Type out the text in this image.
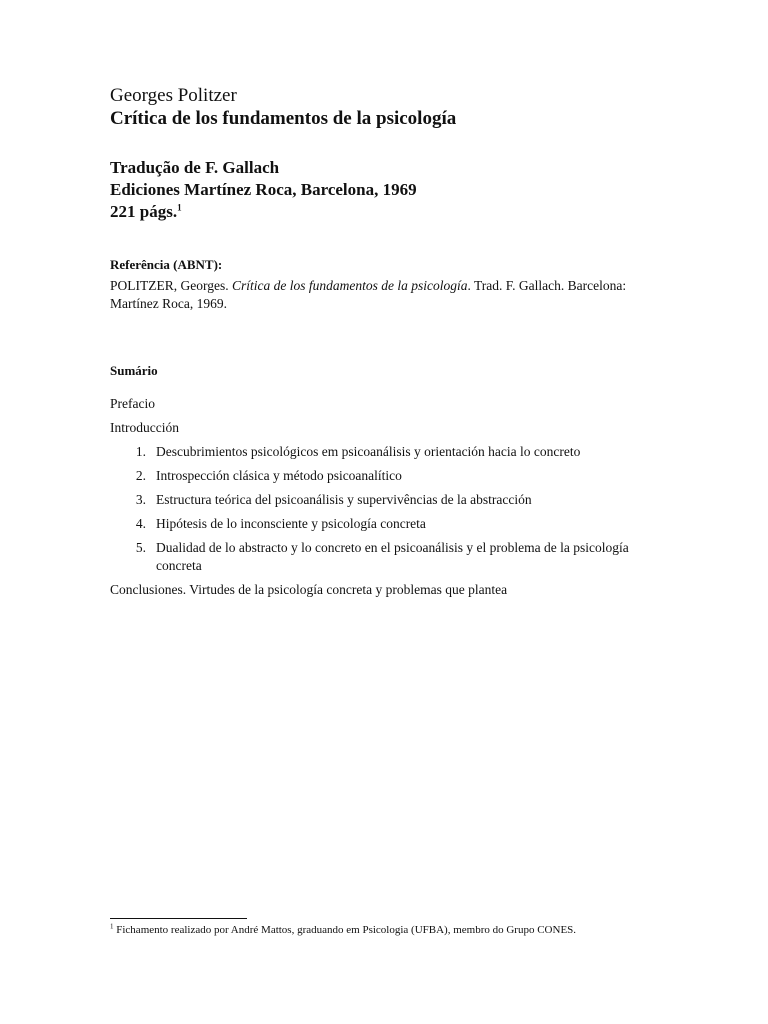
Georges Politzer
Crítica de los fundamentos de la psicología
Tradução de F. Gallach
Ediciones Martínez Roca, Barcelona, 1969
221 págs.$^1$
Referência (ABNT):
POLITZER, Georges. Crítica de los fundamentos de la psicología. Trad. F. Gallach. Barcelona: Martínez Roca, 1969.
Sumário
Prefacio
Introducción
1. Descubrimientos psicológicos em psicoanálisis y orientación hacia lo concreto
2. Introspección clásica y método psicoanalítico
3. Estructura teórica del psicoanálisis y supervivências de la abstracción
4. Hipótesis de lo inconsciente y psicología concreta
5. Dualidad de lo abstracto y lo concreto en el psicoanálisis y el problema de la psicología concreta
Conclusiones. Virtudes de la psicología concreta y problemas que plantea
$^1$ Fichamento realizado por André Mattos, graduando em Psicologia (UFBA), membro do Grupo CONES.
